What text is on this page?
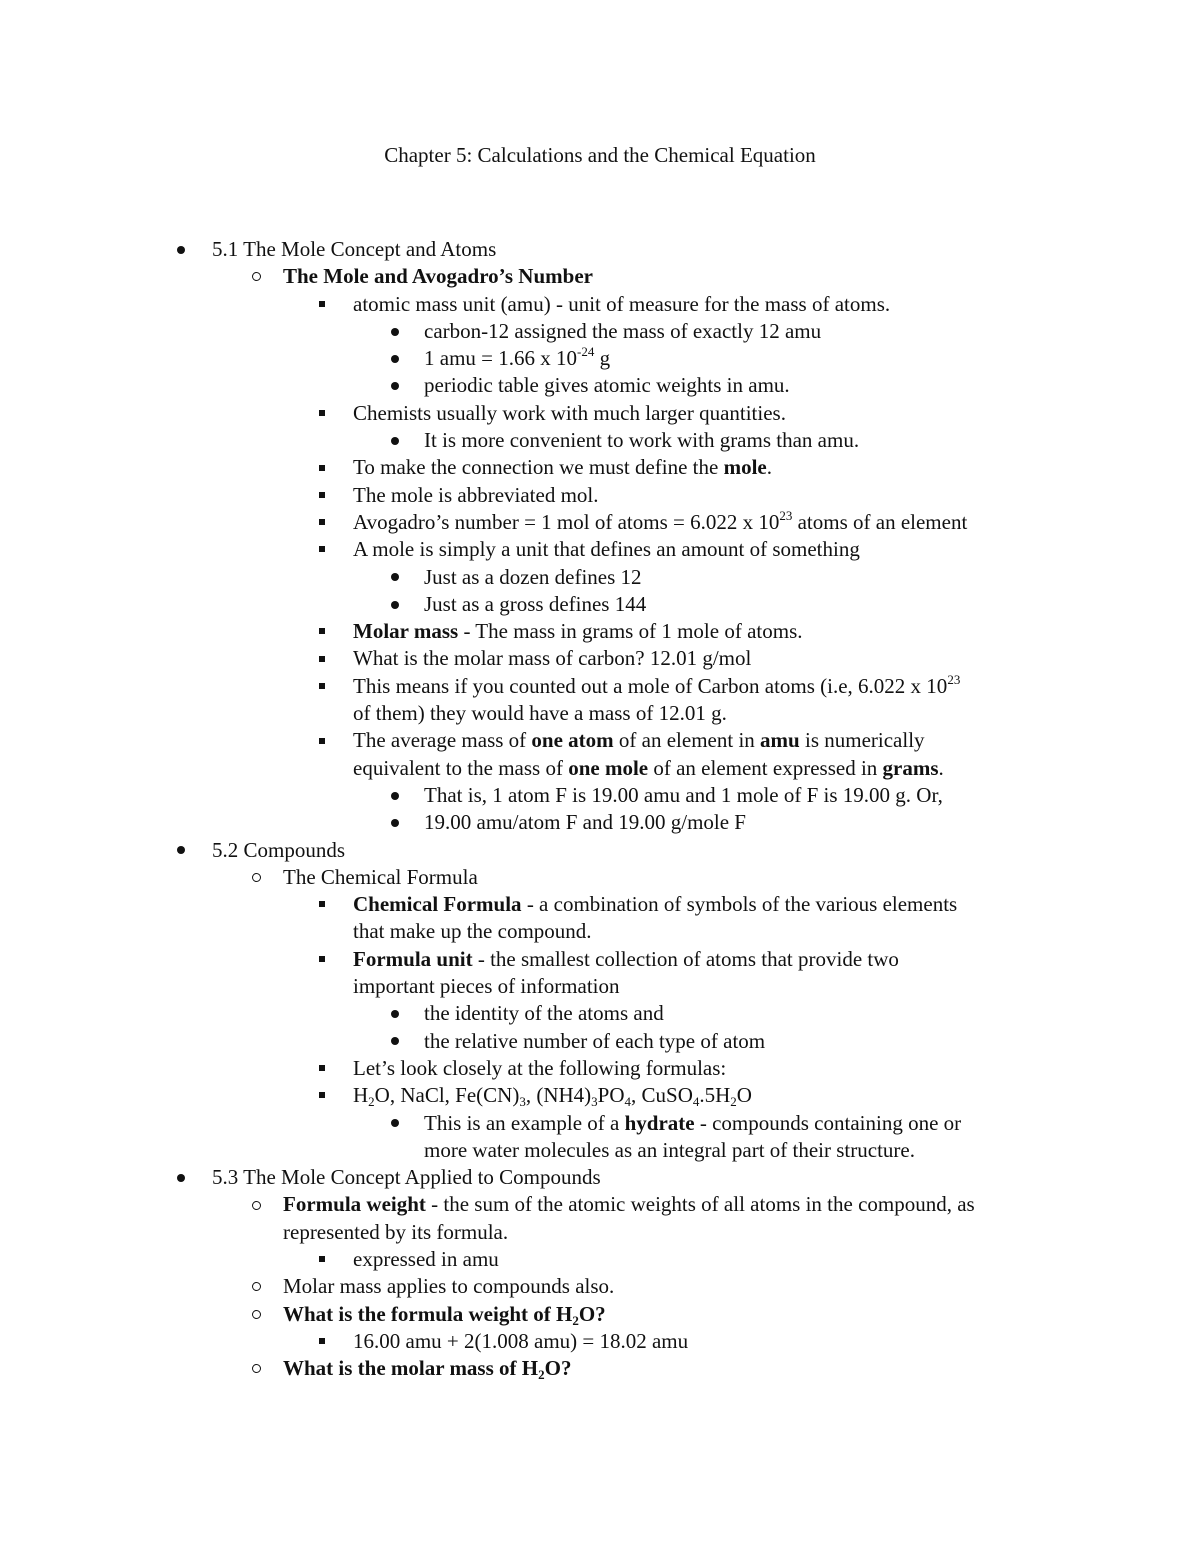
Chapter 5: Calculations and the Chemical Equation
5.1 The Mole Concept and Atoms
The Mole and Avogadro’s Number
atomic mass unit (amu) - unit of measure for the mass of atoms.
carbon-12 assigned the mass of exactly 12 amu
1 amu = 1.66 x $10^{-24}$ g
periodic table gives atomic weights in amu.
Chemists usually work with much larger quantities.
It is more convenient to work with grams than amu.
To make the connection we must define the mole.
The mole is abbreviated mol.
Avogadro’s number = 1 mol of atoms = 6.022 x $10^{23}$ atoms of an element
A mole is simply a unit that defines an amount of something
Just as a dozen defines 12
Just as a gross defines 144
Molar mass - The mass in grams of 1 mole of atoms.
What is the molar mass of carbon? 12.01 g/mol
This means if you counted out a mole of Carbon atoms (i.e, 6.022 x $10^{23}$
of them) they would have a mass of 12.01 g.
The average mass of one atom of an element in amu is numerically
equivalent to the mass of one mole of an element expressed in grams.
That is, 1 atom F is 19.00 amu and 1 mole of F is 19.00 g. Or,
19.00 amu/atom F and 19.00 g/mole F
5.2 Compounds
The Chemical Formula
Chemical Formula - a combination of symbols of the various elements
that make up the compound.
Formula unit - the smallest collection of atoms that provide two
important pieces of information
the identity of the atoms and
the relative number of each type of atom
Let’s look closely at the following formulas:
$H_2O$, NaCl, $Fe(CN)_3$, $(NH4)_3PO_4$, $CuSO_4.5H_2O$
This is an example of a hydrate - compounds containing one or
more water molecules as an integral part of their structure.
5.3 The Mole Concept Applied to Compounds
Formula weight - the sum of the atomic weights of all atoms in the compound, as
represented by its formula.
expressed in amu
Molar mass applies to compounds also.
What is the formula weight of $H_2O$?
16.00 amu + 2(1.008 amu) = 18.02 amu
What is the molar mass of $H_2O$?
